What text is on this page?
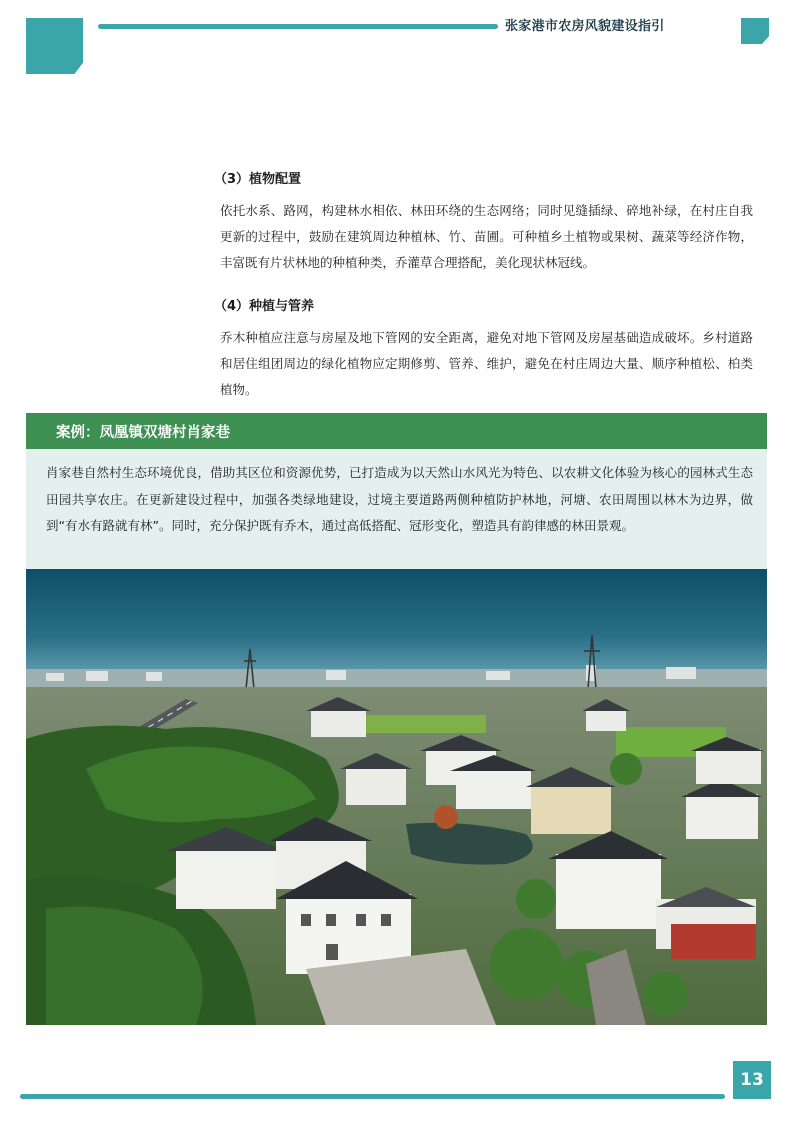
张家港市农房风貌建设指引
（3）植物配置
依托水系、路网，构建林水相依、林田环绕的生态网络；同时见缝插绿、碎地补绿，在村庄自我更新的过程中，鼓励在建筑周边种植林、竹、苗圃。可种植乡土植物或果树、蔬菜等经济作物，丰富既有片状林地的种植种类，乔灌草合理搭配，美化现状林冠线。
（4）种植与管养
乔木种植应注意与房屋及地下管网的安全距离，避免对地下管网及房屋基础造成破坏。乡村道路和居住组团周边的绿化植物应定期修剪、管养、维护，避免在村庄周边大量、顺序种植松、柏类植物。
案例：凤凰镇双塘村肖家巷
肖家巷自然村生态环境优良，借助其区位和资源优势，已打造成为以天然山水风光为特色、以农耕文化体验为核心的园林式生态田园共享农庄。在更新建设过程中，加强各类绿地建设，过境主要道路两侧种植防护林地，河塘、农田周围以林木为边界，做到“有水有路就有林”。同时，充分保护既有乔木，通过高低搭配、冠形变化，塑造具有韵律感的林田景观。
13
